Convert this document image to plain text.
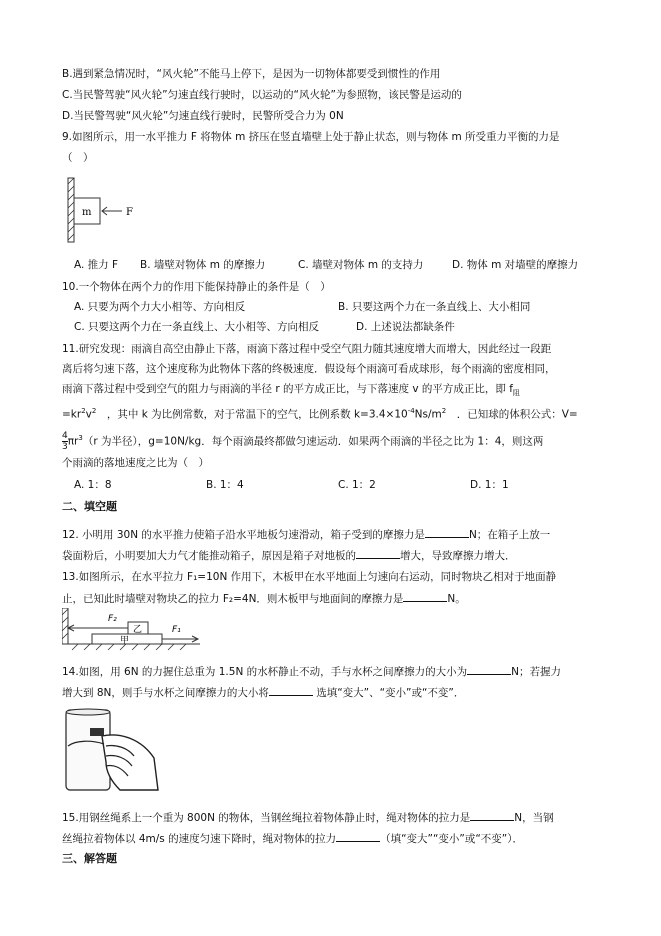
B.遇到紧急情况时，“风火轮”不能马上停下，是因为一切物体都要受到惯性的作用
C.当民警驾驶“风火轮”匀速直线行驶时，以运动的“风火轮”为参照物，该民警是运动的
D.当民警驾驶“风火轮”匀速直线行驶时，民警所受合力为 0N
9.如图所示，用一水平推力 F 将物体 m 挤压在竖直墙壁上处于静止状态，则与物体 m 所受重力平衡的力是
（　）
m	F
A. 推力 F B. 墙壁对物体 m 的摩擦力	C. 墙壁对物体 m 的支持力	D. 物体 m 对墙壁的摩擦力
10.一个物体在两个力的作用下能保持静止的条件是（　）
A. 只要为两个力大小相等、方向相反	B. 只要这两个力在一条直线上、大小相同
C. 只要这两个力在一条直线上、大小相等、方向相反	D. 上述说法都缺条件
11.研究发现：雨滴自高空由静止下落，雨滴下落过程中受空气阻力随其速度增大而增大，因此经过一段距
离后将匀速下落，这个速度称为此物体下落的终极速度．假设每个雨滴可看成球形，每个雨滴的密度相同，
雨滴下落过程中受到空气的阻力与雨滴的半径 r 的平方成正比，与下落速度 v 的平方成正比，即 $f_阻$
$=kr^2v^2$　 ，其中 k 为比例常数，对于常温下的空气，比例系数 $k=3.4\times 10^{-4}Ns/m^2$　 ．已知球的体积公式：V=
$\frac{4}{3} \pi r^3(r$ 为半径），g=10N/kg．每个雨滴最终都做匀速运动．如果两个雨滴的半径之比为 1：4，则这两
个雨滴的落地速度之比为（　）
A. 1：8	B. 1：4	C. 1：2	D. 1：1
二、填空题
12. 小明用 30N 的水平推力使箱子沿水平地板匀速滑动，箱子受到的摩擦力是	N；在箱子上放一
袋面粉后，小明要加大力气才能推动箱子，原因是箱子对地板的	增大，导致摩擦力增大．
13.如图所示，在水平拉力 F₁=10N 作用下，木板甲在水平地面上匀速向右运动，同时物块乙相对于地面静
止，已知此时墙壁对物块乙的拉力 F₂=4N．则木板甲与地面间的摩擦力是	N。
甲
乙
F₂
F₁
14.如图，用 6N 的力握住总重为 1.5N 的水杯静止不动，手与水杯之间摩擦力的大小为	N；若握力
增大到 8N，则手与水杯之间摩擦力的大小将	选填“变大”、“变小”或“不变”．
15.用钢丝绳系上一个重为 800N 的物体，当钢丝绳拉着物体静止时，绳对物体的拉力是	N，当钢
丝绳拉着物体以 4m/s 的速度匀速下降时，绳对物体的拉力	（填“变大”“变小”或“不变”）．
三、解答题
